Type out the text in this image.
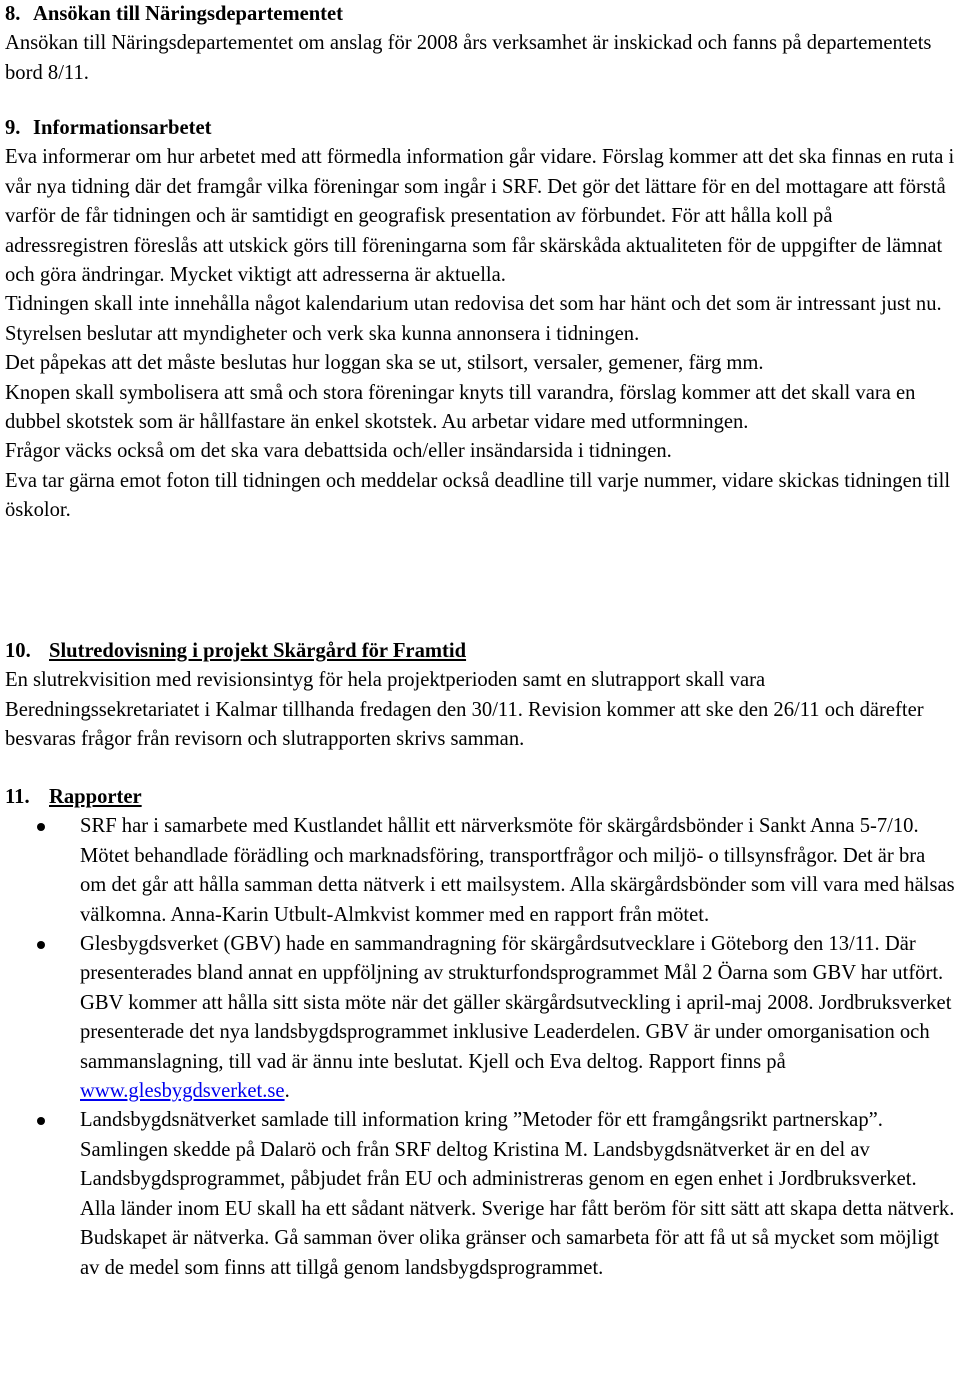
8. Ansökan till Näringsdepartementet

Ansökan till Näringsdepartementet om anslag för 2008 års verksamhet är inskickad och fanns på departementets bord 8/11.

9. Informationsarbetet

Eva informerar om hur arbetet med att förmedla information går vidare. Förslag kommer att det ska finnas en ruta i vår nya tidning där det framgår vilka föreningar som ingår i SRF. Det gör det lättare för en del mottagare att förstå varför de får tidningen och är samtidigt en geografisk presentation av förbundet. För att hålla koll på adressregistren föreslås att utskick görs till föreningarna som får skärskåda aktualiteten för de uppgifter de lämnat och göra ändringar. Mycket viktigt att adresserna är aktuella.

Tidningen skall inte innehålla något kalendarium utan redovisa det som har hänt och det som är intressant just nu.

Styrelsen beslutar att myndigheter och verk ska kunna annonsera i tidningen.

Det påpekas att det måste beslutas hur loggan ska se ut, stilsort, versaler, gemener, färg mm.

Knopen skall symbolisera att små och stora föreningar knyts till varandra, förslag kommer att det skall vara en dubbel skotstek som är hållfastare än enkel skotstek. Au arbetar vidare med utformningen.

Frågor väcks också om det ska vara debattsida och/eller insändarsida i tidningen.

Eva tar gärna emot foton till tidningen och meddelar också deadline till varje nummer, vidare skickas tidningen till öskolor.

10. Slutredovisning i projekt Skärgård för Framtid

En slutrekvisition med revisionsintyg för hela projektperioden samt en slutrapport skall vara Beredningssekretariatet i Kalmar tillhanda fredagen den 30/11. Revision kommer att ske den 26/11 och därefter besvaras frågor från revisorn och slutrapporten skrivs samman.

11. Rapporter
SRF har i samarbete med Kustlandet hållit ett närverksmöte för skärgårdsbönder i Sankt Anna 5-7/10. Mötet behandlade förädling och marknadsföring, transportfrågor och miljö- o tillsynsfrågor. Det är bra om det går att hålla samman detta nätverk i ett mailsystem. Alla skärgårdsbönder som vill vara med hälsas välkomna. Anna-Karin Utbult-Almkvist kommer med en rapport från mötet.
Glesbygdsverket (GBV) hade en sammandragning för skärgårdsutvecklare i Göteborg den 13/11. Där presenterades bland annat en uppföljning av strukturfondsprogrammet Mål 2 Öarna som GBV har utfört. GBV kommer att hålla sitt sista möte när det gäller skärgårdsutveckling i april-maj 2008. Jordbruksverket presenterade det nya landsbygdsprogrammet inklusive Leaderdelen. GBV är under omorganisation och sammanslagning, till vad är ännu inte beslutat. Kjell och Eva deltog. Rapport finns på www.glesbygdsverket.se.
Landsbygdsnätverket samlade till information kring ”Metoder för ett framgångsrikt partnerskap”. Samlingen skedde på Dalarö och från SRF deltog Kristina M. Landsbygdsnätverket är en del av Landsbygdsprogrammet, påbjudet från EU och administreras genom en egen enhet i Jordbruksverket. Alla länder inom EU skall ha ett sådant nätverk. Sverige har fått beröm för sitt sätt att skapa detta nätverk. Budskapet är nätverka. Gå samman över olika gränser och samarbeta för att få ut så mycket som möjligt av de medel som finns att tillgå genom landsbygdsprogrammet.
